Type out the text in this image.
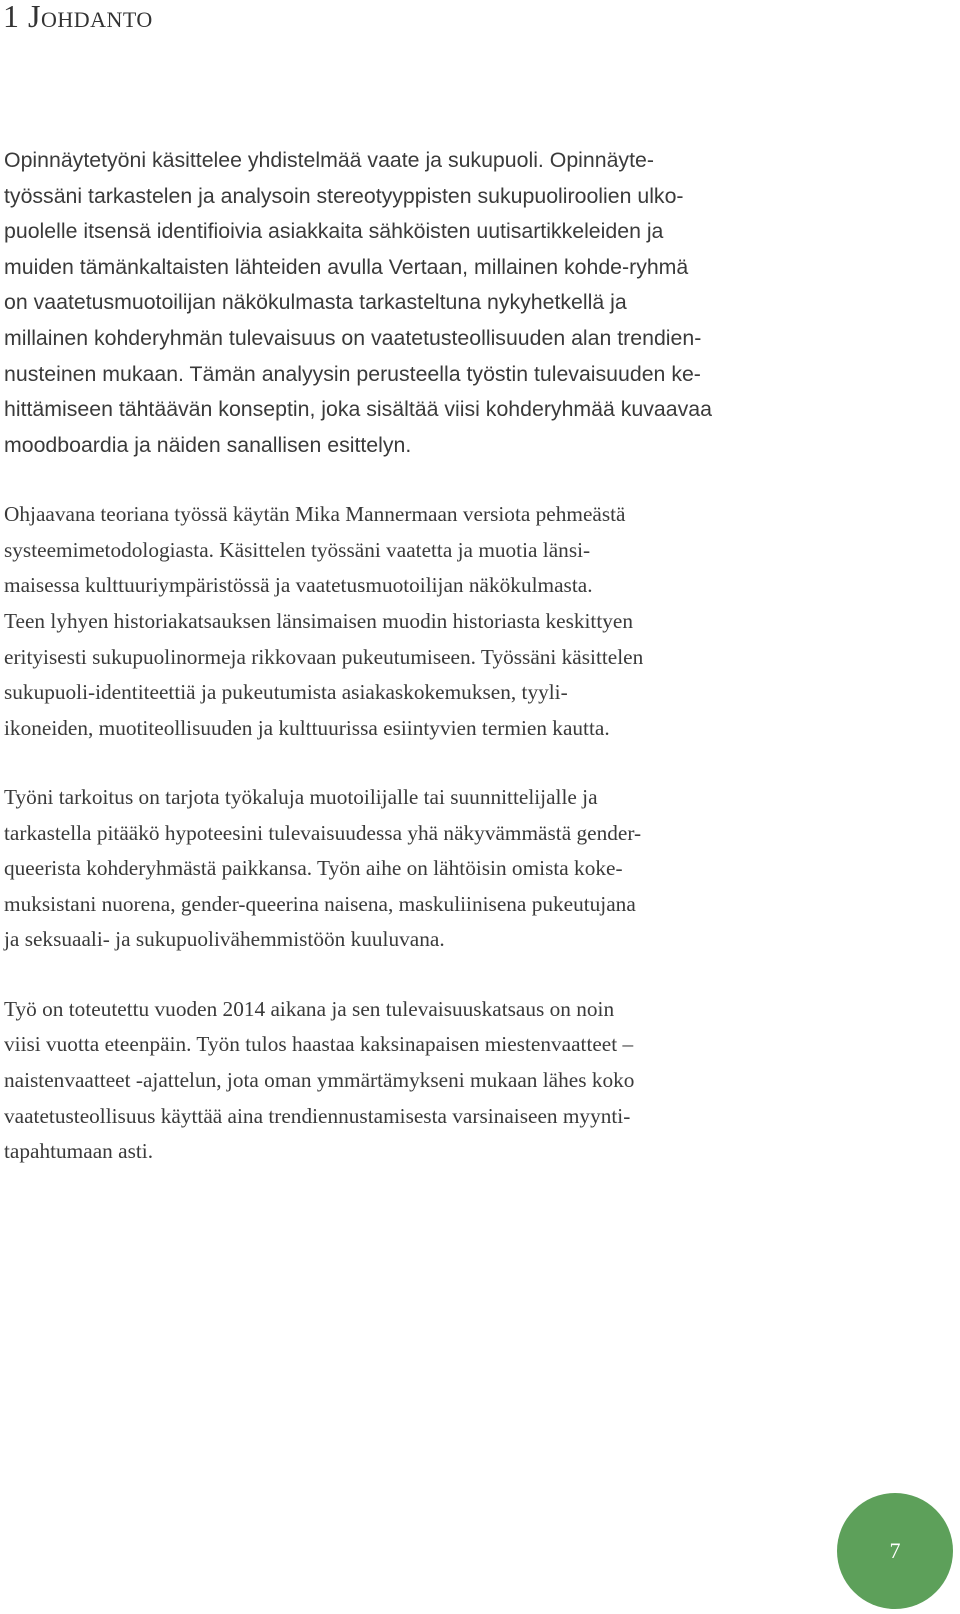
1 Johdanto

Opinnäytetyöni käsittelee yhdistelmää vaate ja sukupuoli. Opinnäyte-
työssäni tarkastelen ja analysoin stereotyyppisten sukupuoliroolien ulko-
puolelle itsensä identifioivia asiakkaita sähköisten uutisartikkeleiden ja
muiden tämänkaltaisten lähteiden avulla Vertaan, millainen kohde-ryhmä
on vaatetusmuotoilijan näkökulmasta tarkasteltuna nykyhetkellä ja
millainen kohderyhmän tulevaisuus on vaatetusteollisuuden alan trendien-
nusteinen mukaan. Tämän analyysin perusteella työstin tulevaisuuden ke-
hittämiseen tähtäävän konseptin, joka sisältää viisi kohderyhmää kuvaavaa
moodboardia ja näiden sanallisen esittelyn.

Ohjaavana teoriana työssä käytän Mika Mannermaan versiota pehmeästä
systeemimetodologiasta. Käsittelen työssäni vaatetta ja muotia länsi-
maisessa kulttuuriympäristössä ja vaatetusmuotoilijan näkökulmasta.
Teen lyhyen historiakatsauksen länsimaisen muodin historiasta keskittyen
erityisesti sukupuolinormeja rikkovaan pukeutumiseen. Työssäni käsittelen
sukupuoli-identiteettiä ja pukeutumista asiakaskokemuksen, tyyli-
ikoneiden, muotiteollisuuden ja kulttuurissa esiintyvien termien kautta.

Työni tarkoitus on tarjota työkaluja muotoilijalle tai suunnittelijalle ja
tarkastella pitääkö hypoteesini tulevaisuudessa yhä näkyvämmästä gender-
queerista kohderyhmästä paikkansa. Työn aihe on lähtöisin omista koke-
muksistani nuorena, gender-queerina naisena, maskuliinisena pukeutujana
ja seksuaali- ja sukupuolivähemmistöön kuuluvana.

Työ on toteutettu vuoden 2014 aikana ja sen tulevaisuuskatsaus on noin
viisi vuotta eteenpäin. Työn tulos haastaa kaksinapaisen miestenvaatteet –
naistenvaatteet -ajattelun, jota oman ymmärtämykseni mukaan lähes koko
vaatetusteollisuus käyttää aina trendiennustamisesta varsinaiseen myynti-
tapahtumaan asti.

7
